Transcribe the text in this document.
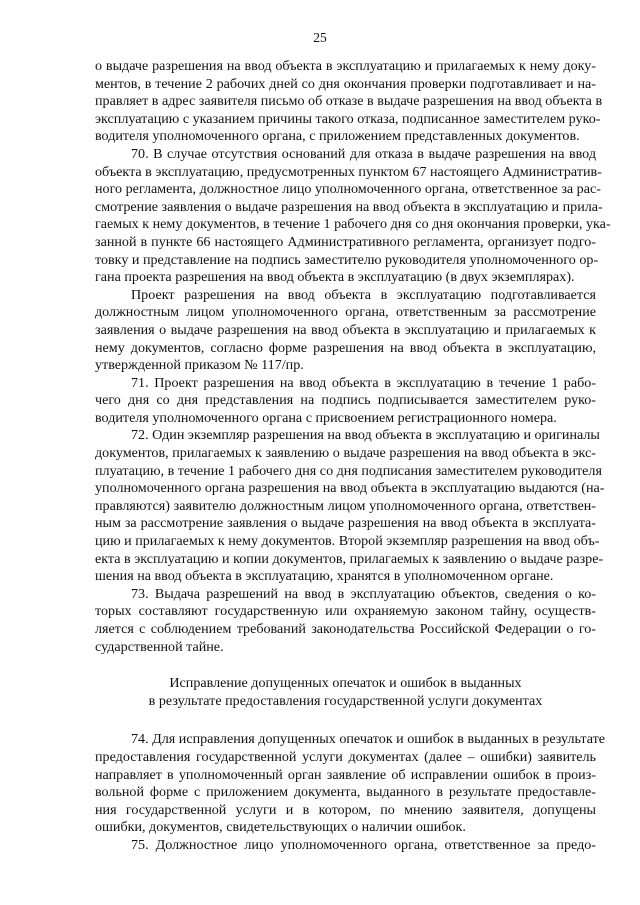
25

о выдаче разрешения на ввод объекта в эксплуатацию и прилагаемых к нему доку-
ментов, в течение 2 рабочих дней со дня окончания проверки подготавливает и на-
правляет в адрес заявителя письмо об отказе в выдаче разрешения на ввод объекта в
эксплуатацию с указанием причины такого отказа, подписанное заместителем руко-
водителя уполномоченного органа, с приложением представленных документов.

70. В случае отсутствия оснований для отказа в выдаче разрешения на ввод
объекта в эксплуатацию, предусмотренных пунктом 67 настоящего Административ-
ного регламента, должностное лицо уполномоченного органа, ответственное за рас-
смотрение заявления о выдаче разрешения на ввод объекта в эксплуатацию и прила-
гаемых к нему документов, в течение 1 рабочего дня со дня окончания проверки, ука-
занной в пункте 66 настоящего Административного регламента, организует подго-
товку и представление на подпись заместителю руководителя уполномоченного ор-
гана проекта разрешения на ввод объекта в эксплуатацию (в двух экземплярах).

Проект разрешения на ввод объекта в эксплуатацию подготавливается
должностным лицом уполномоченного органа, ответственным за рассмотрение
заявления о выдаче разрешения на ввод объекта в эксплуатацию и прилагаемых к
нему документов, согласно форме разрешения на ввод объекта в эксплуатацию,
утвержденной приказом № 117/пр.

71. Проект разрешения на ввод объекта в эксплуатацию в течение 1 рабо-
чего дня со дня представления на подпись подписывается заместителем руко-
водителя уполномоченного органа с присвоением регистрационного номера.

72. Один экземпляр разрешения на ввод объекта в эксплуатацию и оригиналы
документов, прилагаемых к заявлению о выдаче разрешения на ввод объекта в экс-
плуатацию, в течение 1 рабочего дня со дня подписания заместителем руководителя
уполномоченного органа разрешения на ввод объекта в эксплуатацию выдаются (на-
правляются) заявителю должностным лицом уполномоченного органа, ответствен-
ным за рассмотрение заявления о выдаче разрешения на ввод объекта в эксплуата-
цию и прилагаемых к нему документов. Второй экземпляр разрешения на ввод объ-
екта в эксплуатацию и копии документов, прилагаемых к заявлению о выдаче разре-
шения на ввод объекта в эксплуатацию, хранятся в уполномоченном органе.

73. Выдача разрешений на ввод в эксплуатацию объектов, сведения о ко-
торых составляют государственную или охраняемую законом тайну, осуществ-
ляется с соблюдением требований законодательства Российской Федерации о го-
сударственной тайне.

Исправление допущенных опечаток и ошибок в выданных
в результате предоставления государственной услуги документах

74. Для исправления допущенных опечаток и ошибок в выданных в результате
предоставления государственной услуги документах (далее – ошибки) заявитель
направляет в уполномоченный орган заявление об исправлении ошибок в произ-
вольной форме с приложением документа, выданного в результате предоставле-
ния государственной услуги и в котором, по мнению заявителя, допущены
ошибки, документов, свидетельствующих о наличии ошибок.

75. Должностное лицо уполномоченного органа, ответственное за предо-
